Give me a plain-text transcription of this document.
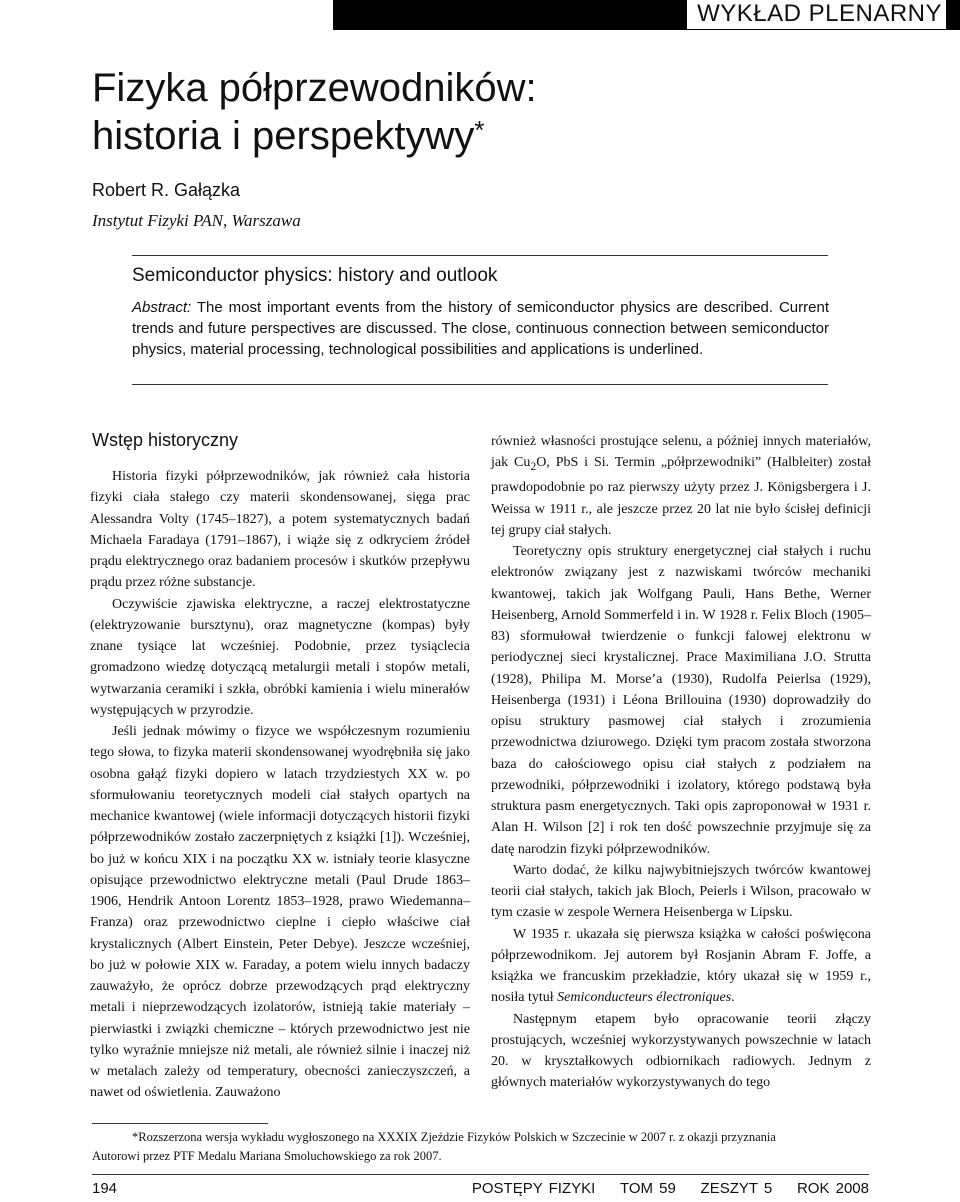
WYKŁAD PLENARNY
Fizyka półprzewodników:
historia i perspektywy*
Robert R. Gałązka
Instytut Fizyki PAN, Warszawa
Semiconductor physics: history and outlook
Abstract: The most important events from the history of semiconductor physics are described. Current trends and future perspectives are discussed. The close, continuous connection between semiconductor physics, material processing, technological possibilities and applications is underlined.
Wstęp historyczny

Historia fizyki półprzewodników, jak również cała historia fizyki ciała stałego czy materii skondensowanej, sięga prac Alessandra Volty (1745–1827), a potem systematycznych badań Michaela Faradaya (1791–1867), i wiąże się z odkryciem źródeł prądu elektrycznego oraz badaniem procesów i skutków przepływu prądu przez różne substancje.

Oczywiście zjawiska elektryczne, a raczej elektrostatyczne (elektryzowanie bursztynu), oraz magnetyczne (kompas) były znane tysiące lat wcześniej. Podobnie, przez tysiąclecia gromadzono wiedzę dotyczącą metalurgii metali i stopów metali, wytwarzania ceramiki i szkła, obróbki kamienia i wielu minerałów występujących w przyrodzie.

Jeśli jednak mówimy o fizyce we współczesnym rozumieniu tego słowa, to fizyka materii skondensowanej wyodrębniła się jako osobna gałąź fizyki dopiero w latach trzydziestych XX w. po sformułowaniu teoretycznych modeli ciał stałych opartych na mechanice kwantowej (wiele informacji dotyczących historii fizyki półprzewodników zostało zaczerpniętych z książki [1]). Wcześniej, bo już w końcu XIX i na początku XX w. istniały teorie klasyczne opisujące przewodnictwo elektryczne metali (Paul Drude 1863–1906, Hendrik Antoon Lorentz 1853–1928, prawo Wiedemanna–Franza) oraz przewodnictwo cieplne i ciepło właściwe ciał krystalicznych (Albert Einstein, Peter Debye). Jeszcze wcześniej, bo już w połowie XIX w. Faraday, a potem wielu innych badaczy zauważyło, że oprócz dobrze przewodzących prąd elektryczny metali i nieprzewodzących izolatorów, istnieją takie materiały – pierwiastki i związki chemiczne – których przewodnictwo jest nie tylko wyraźnie mniejsze niż metali, ale również silnie i inaczej niż w metalach zależy od temperatury, obecności zanieczyszczeń, a nawet od oświetlenia. Zauważono

również własności prostujące selenu, a później innych materiałów, jak $Cu_2O$, PbS i Si. Termin „półprzewodniki” (Halbleiter) został prawdopodobnie po raz pierwszy użyty przez J. Königsbergera i J. Weissa w 1911 r., ale jeszcze przez 20 lat nie było ścisłej definicji tej grupy ciał stałych.

Teoretyczny opis struktury energetycznej ciał stałych i ruchu elektronów związany jest z nazwiskami twórców mechaniki kwantowej, takich jak Wolfgang Pauli, Hans Bethe, Werner Heisenberg, Arnold Sommerfeld i in. W 1928 r. Felix Bloch (1905–83) sformułował twierdzenie o funkcji falowej elektronu w periodycznej sieci krystalicznej. Prace Maximiliana J.O. Strutta (1928), Philipa M. Morse’a (1930), Rudolfa Peierlsa (1929), Heisenberga (1931) i Léona Brillouina (1930) doprowadziły do opisu struktury pasmowej ciał stałych i zrozumienia przewodnictwa dziurowego. Dzięki tym pracom została stworzona baza do całościowego opisu ciał stałych z podziałem na przewodniki, półprzewodniki i izolatory, którego podstawą była struktura pasm energetycznych. Taki opis zaproponował w 1931 r. Alan H. Wilson [2] i rok ten dość powszechnie przyjmuje się za datę narodzin fizyki półprzewodników.

Warto dodać, że kilku najwybitniejszych twórców kwantowej teorii ciał stałych, takich jak Bloch, Peierls i Wilson, pracowało w tym czasie w zespole Wernera Heisenberga w Lipsku.

W 1935 r. ukazała się pierwsza książka w całości poświęcona półprzewodnikom. Jej autorem był Rosjanin Abram F. Joffe, a książka we francuskim przekładzie, który ukazał się w 1959 r., nosiła tytuł Semiconducteurs électroniques.

Następnym etapem było opracowanie teorii złączy prostujących, wcześniej wykorzystywanych powszechnie w latach 20. w kryształkowych odbiornikach radiowych. Jednym z głównych materiałów wykorzystywanych do tego

*Rozszerzona wersja wykładu wygłoszonego na XXXIX Zjeździe Fizyków Polskich w Szczecinie w 2007 r. z okazji przyznania
Autorowi przez PTF Medalu Mariana Smoluchowskiego za rok 2007.
194	POSTĘPY FIZYKI TOM 59 ZESZYT 5 ROK 2008
